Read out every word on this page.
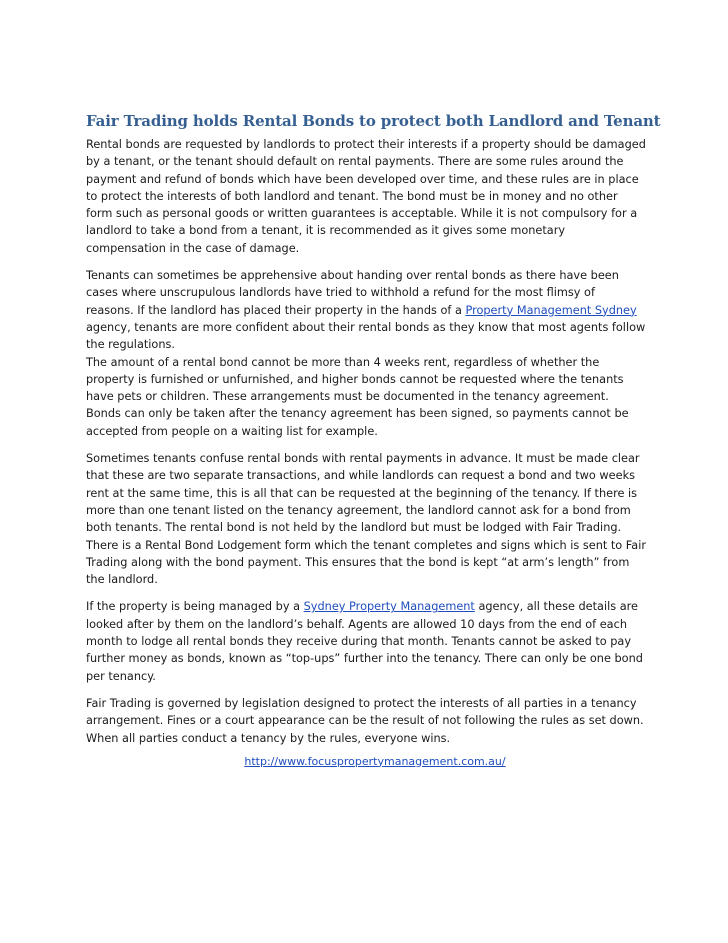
Fair Trading holds Rental Bonds to protect both Landlord and Tenant

Rental bonds are requested by landlords to protect their interests if a property should be damaged by a tenant, or the tenant should default on rental payments. There are some rules around the payment and refund of bonds which have been developed over time, and these rules are in place to protect the interests of both landlord and tenant. The bond must be in money and no other form such as personal goods or written guarantees is acceptable. While it is not compulsory for a landlord to take a bond from a tenant, it is recommended as it gives some monetary compensation in the case of damage.

Tenants can sometimes be apprehensive about handing over rental bonds as there have been cases where unscrupulous landlords have tried to withhold a refund for the most flimsy of reasons. If the landlord has placed their property in the hands of a Property Management Sydney agency, tenants are more confident about their rental bonds as they know that most agents follow the regulations.

The amount of a rental bond cannot be more than 4 weeks rent, regardless of whether the property is furnished or unfurnished, and higher bonds cannot be requested where the tenants have pets or children. These arrangements must be documented in the tenancy agreement. Bonds can only be taken after the tenancy agreement has been signed, so payments cannot be accepted from people on a waiting list for example.

Sometimes tenants confuse rental bonds with rental payments in advance. It must be made clear that these are two separate transactions, and while landlords can request a bond and two weeks rent at the same time, this is all that can be requested at the beginning of the tenancy. If there is more than one tenant listed on the tenancy agreement, the landlord cannot ask for a bond from both tenants. The rental bond is not held by the landlord but must be lodged with Fair Trading. There is a Rental Bond Lodgement form which the tenant completes and signs which is sent to Fair Trading along with the bond payment. This ensures that the bond is kept “at arm’s length” from the landlord.

If the property is being managed by a Sydney Property Management agency, all these details are looked after by them on the landlord’s behalf. Agents are allowed 10 days from the end of each month to lodge all rental bonds they receive during that month. Tenants cannot be asked to pay further money as bonds, known as “top-ups” further into the tenancy. There can only be one bond per tenancy.

Fair Trading is governed by legislation designed to protect the interests of all parties in a tenancy arrangement. Fines or a court appearance can be the result of not following the rules as set down. When all parties conduct a tenancy by the rules, everyone wins.

http://www.focuspropertymanagement.com.au/
